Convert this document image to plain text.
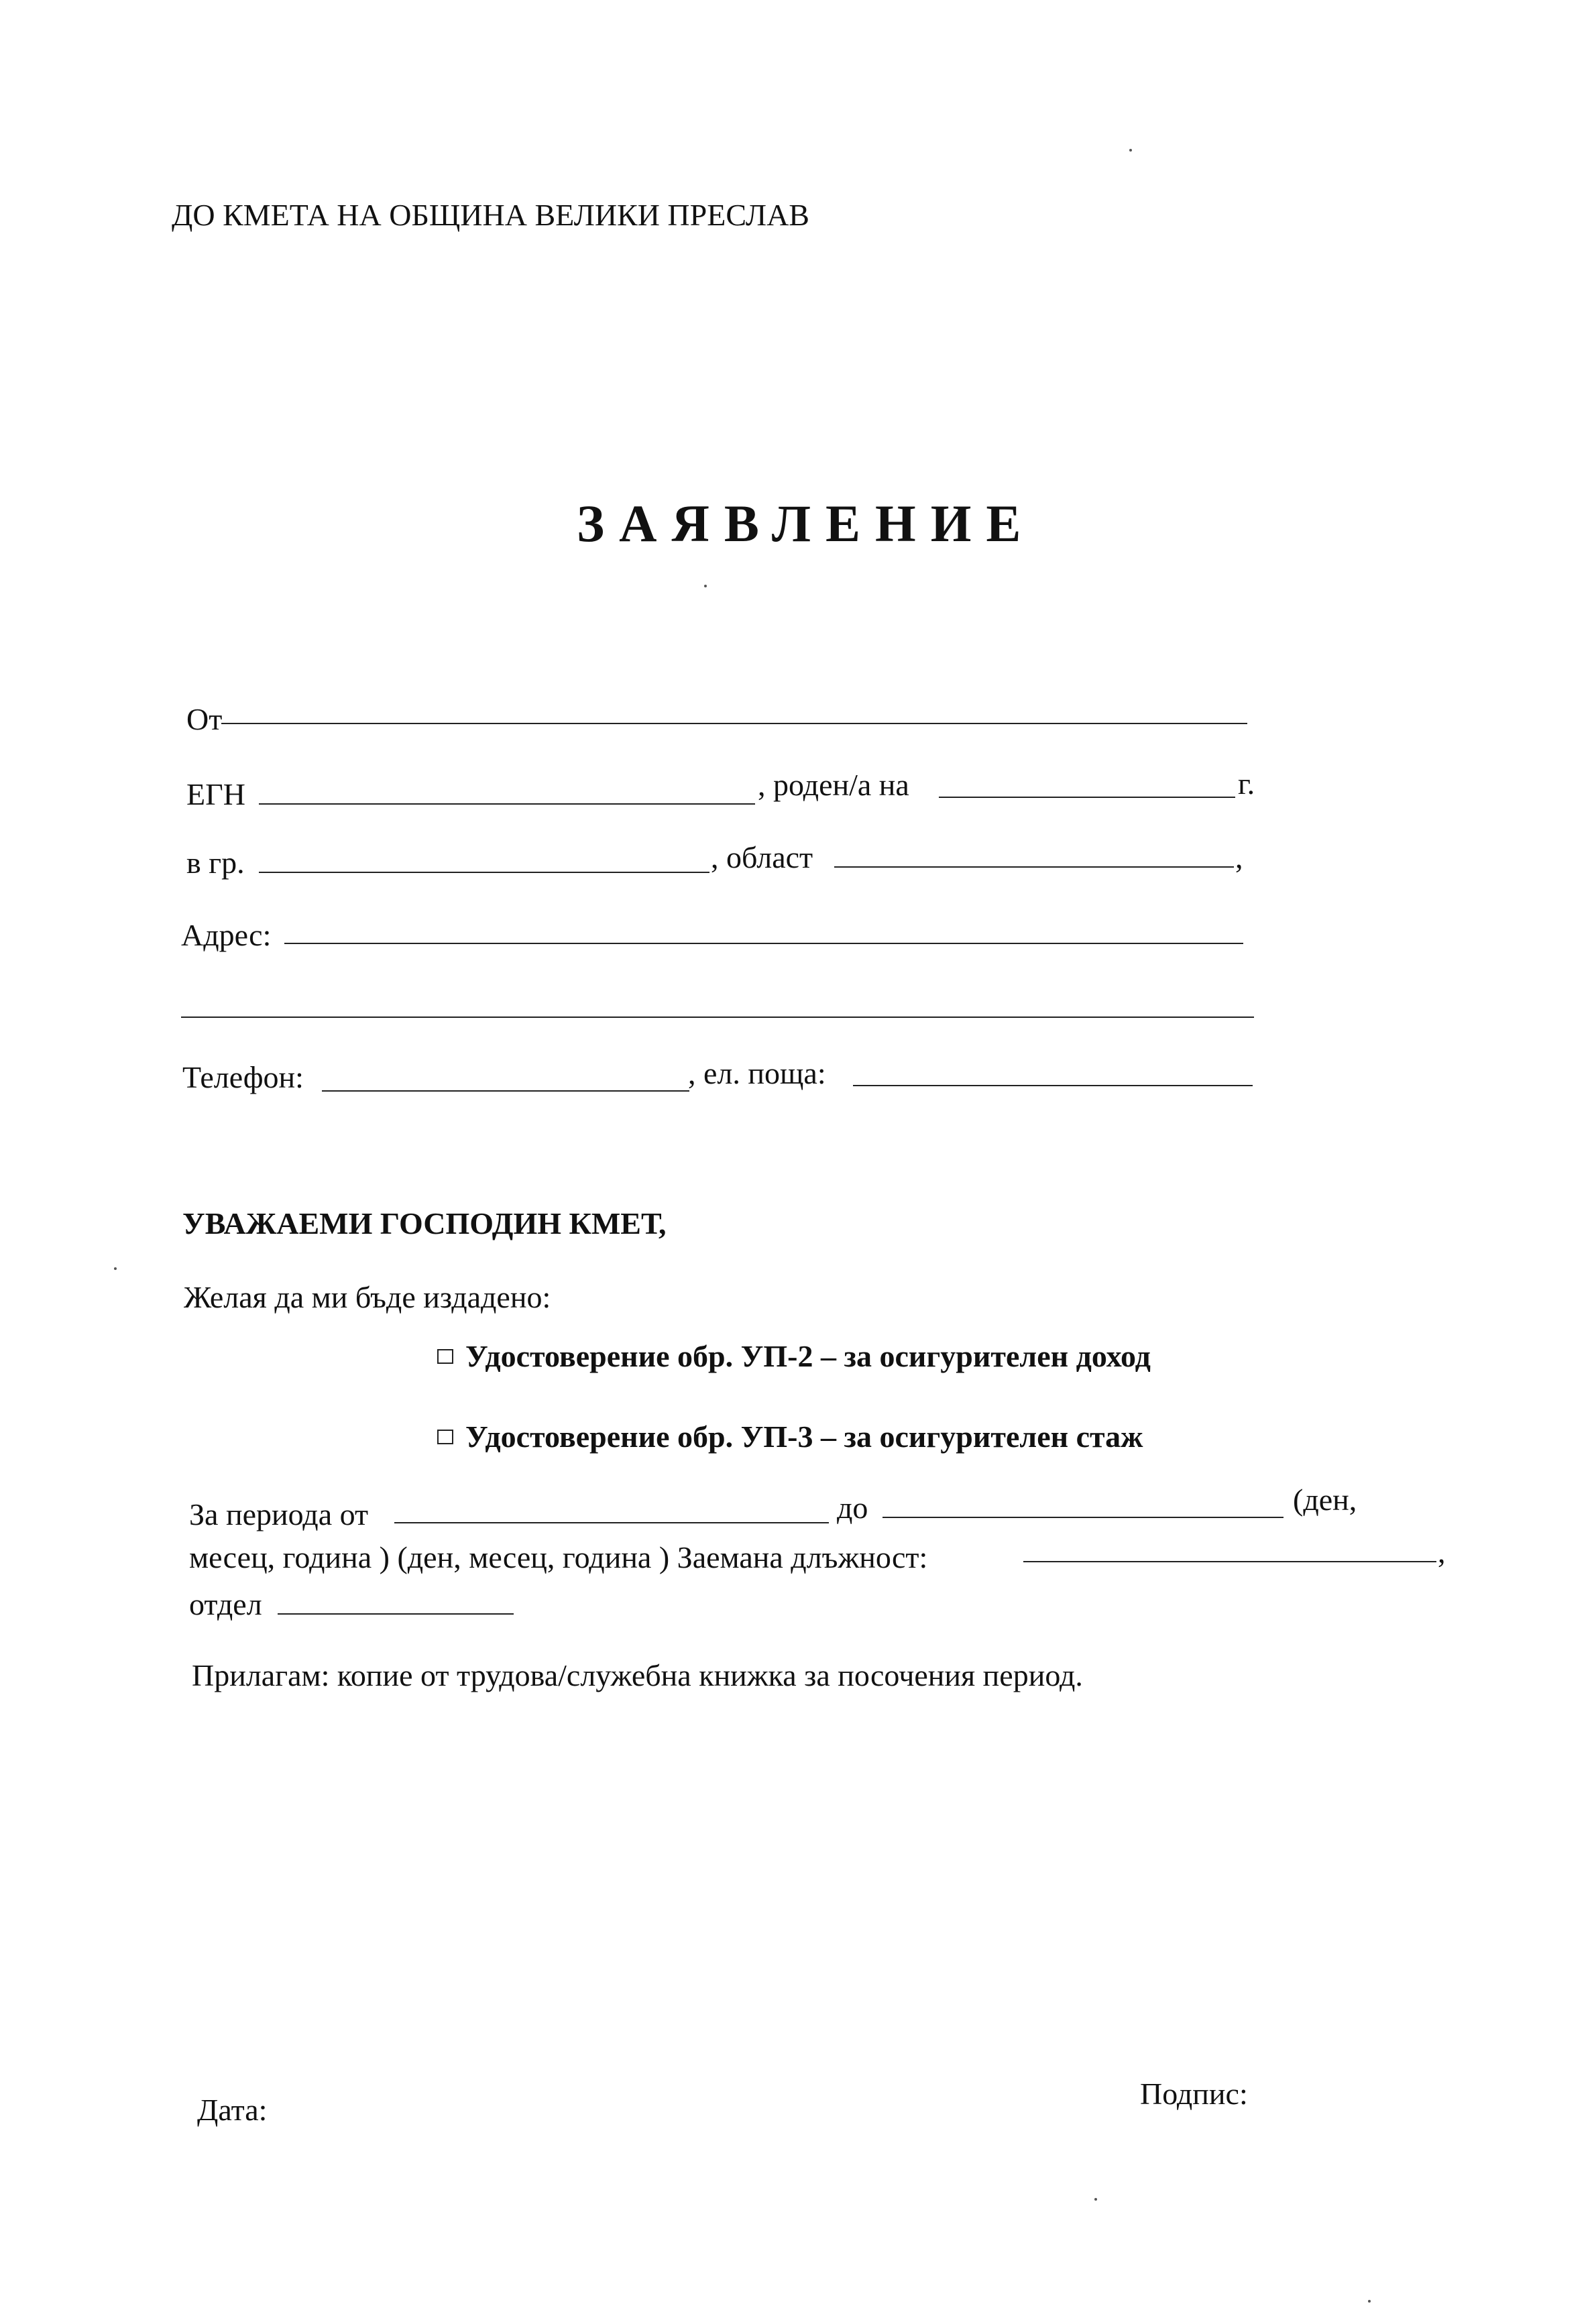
ДО КМЕТА НА ОБЩИНА ВЕЛИКИ ПРЕСЛАВ
ЗАЯВЛЕНИЕ
От
ЕГН	, роден/а на	г.
в гр.	, област	,
Адрес:
Телефон:	, ел. поща:
УВАЖАЕМИ ГОСПОДИН КМЕТ,
Желая да ми бъде издадено:
Удостоверение обр. УП-2 – за осигурителен доход
Удостоверение обр. УП-3 – за осигурителен стаж
За периода от	до	(ден,
месец, година ) (ден, месец, година ) Заемана длъжност:	,
отдел
Прилагам: копие от трудова/служебна книжка за посочения период.
Дата:	Подпис:
